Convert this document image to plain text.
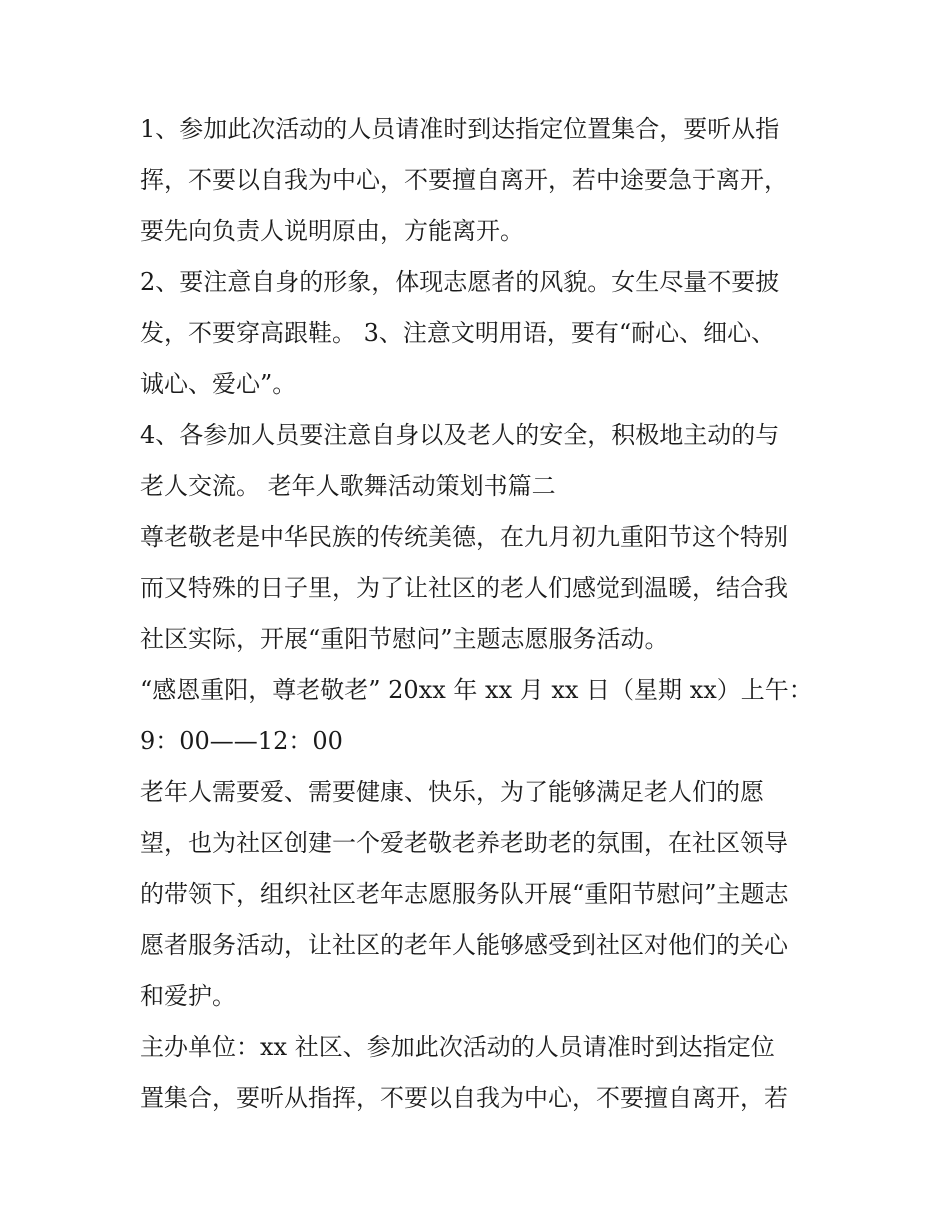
1、参加此次活动的人员请准时到达指定位置集合，要听从指
挥，不要以自我为中心，不要擅自离开，若中途要急于离开，
要先向负责人说明原由，方能离开。
2、要注意自身的形象，体现志愿者的风貌。女生尽量不要披
发，不要穿高跟鞋。 3、注意文明用语，要有“耐心、细心、
诚心、爱心”。
4、各参加人员要注意自身以及老人的安全，积极地主动的与
老人交流。 老年人歌舞活动策划书篇二
尊老敬老是中华民族的传统美德，在九月初九重阳节这个特别
而又特殊的日子里，为了让社区的老人们感觉到温暖，结合我
社区实际，开展“重阳节慰问”主题志愿服务活动。
“感恩重阳，尊老敬老” 20xx 年 xx 月 xx 日（星期 xx）上午：
9：00——12：00
老年人需要爱、需要健康、快乐，为了能够满足老人们的愿
望，也为社区创建一个爱老敬老养老助老的氛围，在社区领导
的带领下，组织社区老年志愿服务队开展“重阳节慰问”主题志
愿者服务活动，让社区的老年人能够感受到社区对他们的关心
和爱护。
主办单位：xx 社区、参加此次活动的人员请准时到达指定位
置集合，要听从指挥，不要以自我为中心，不要擅自离开，若
